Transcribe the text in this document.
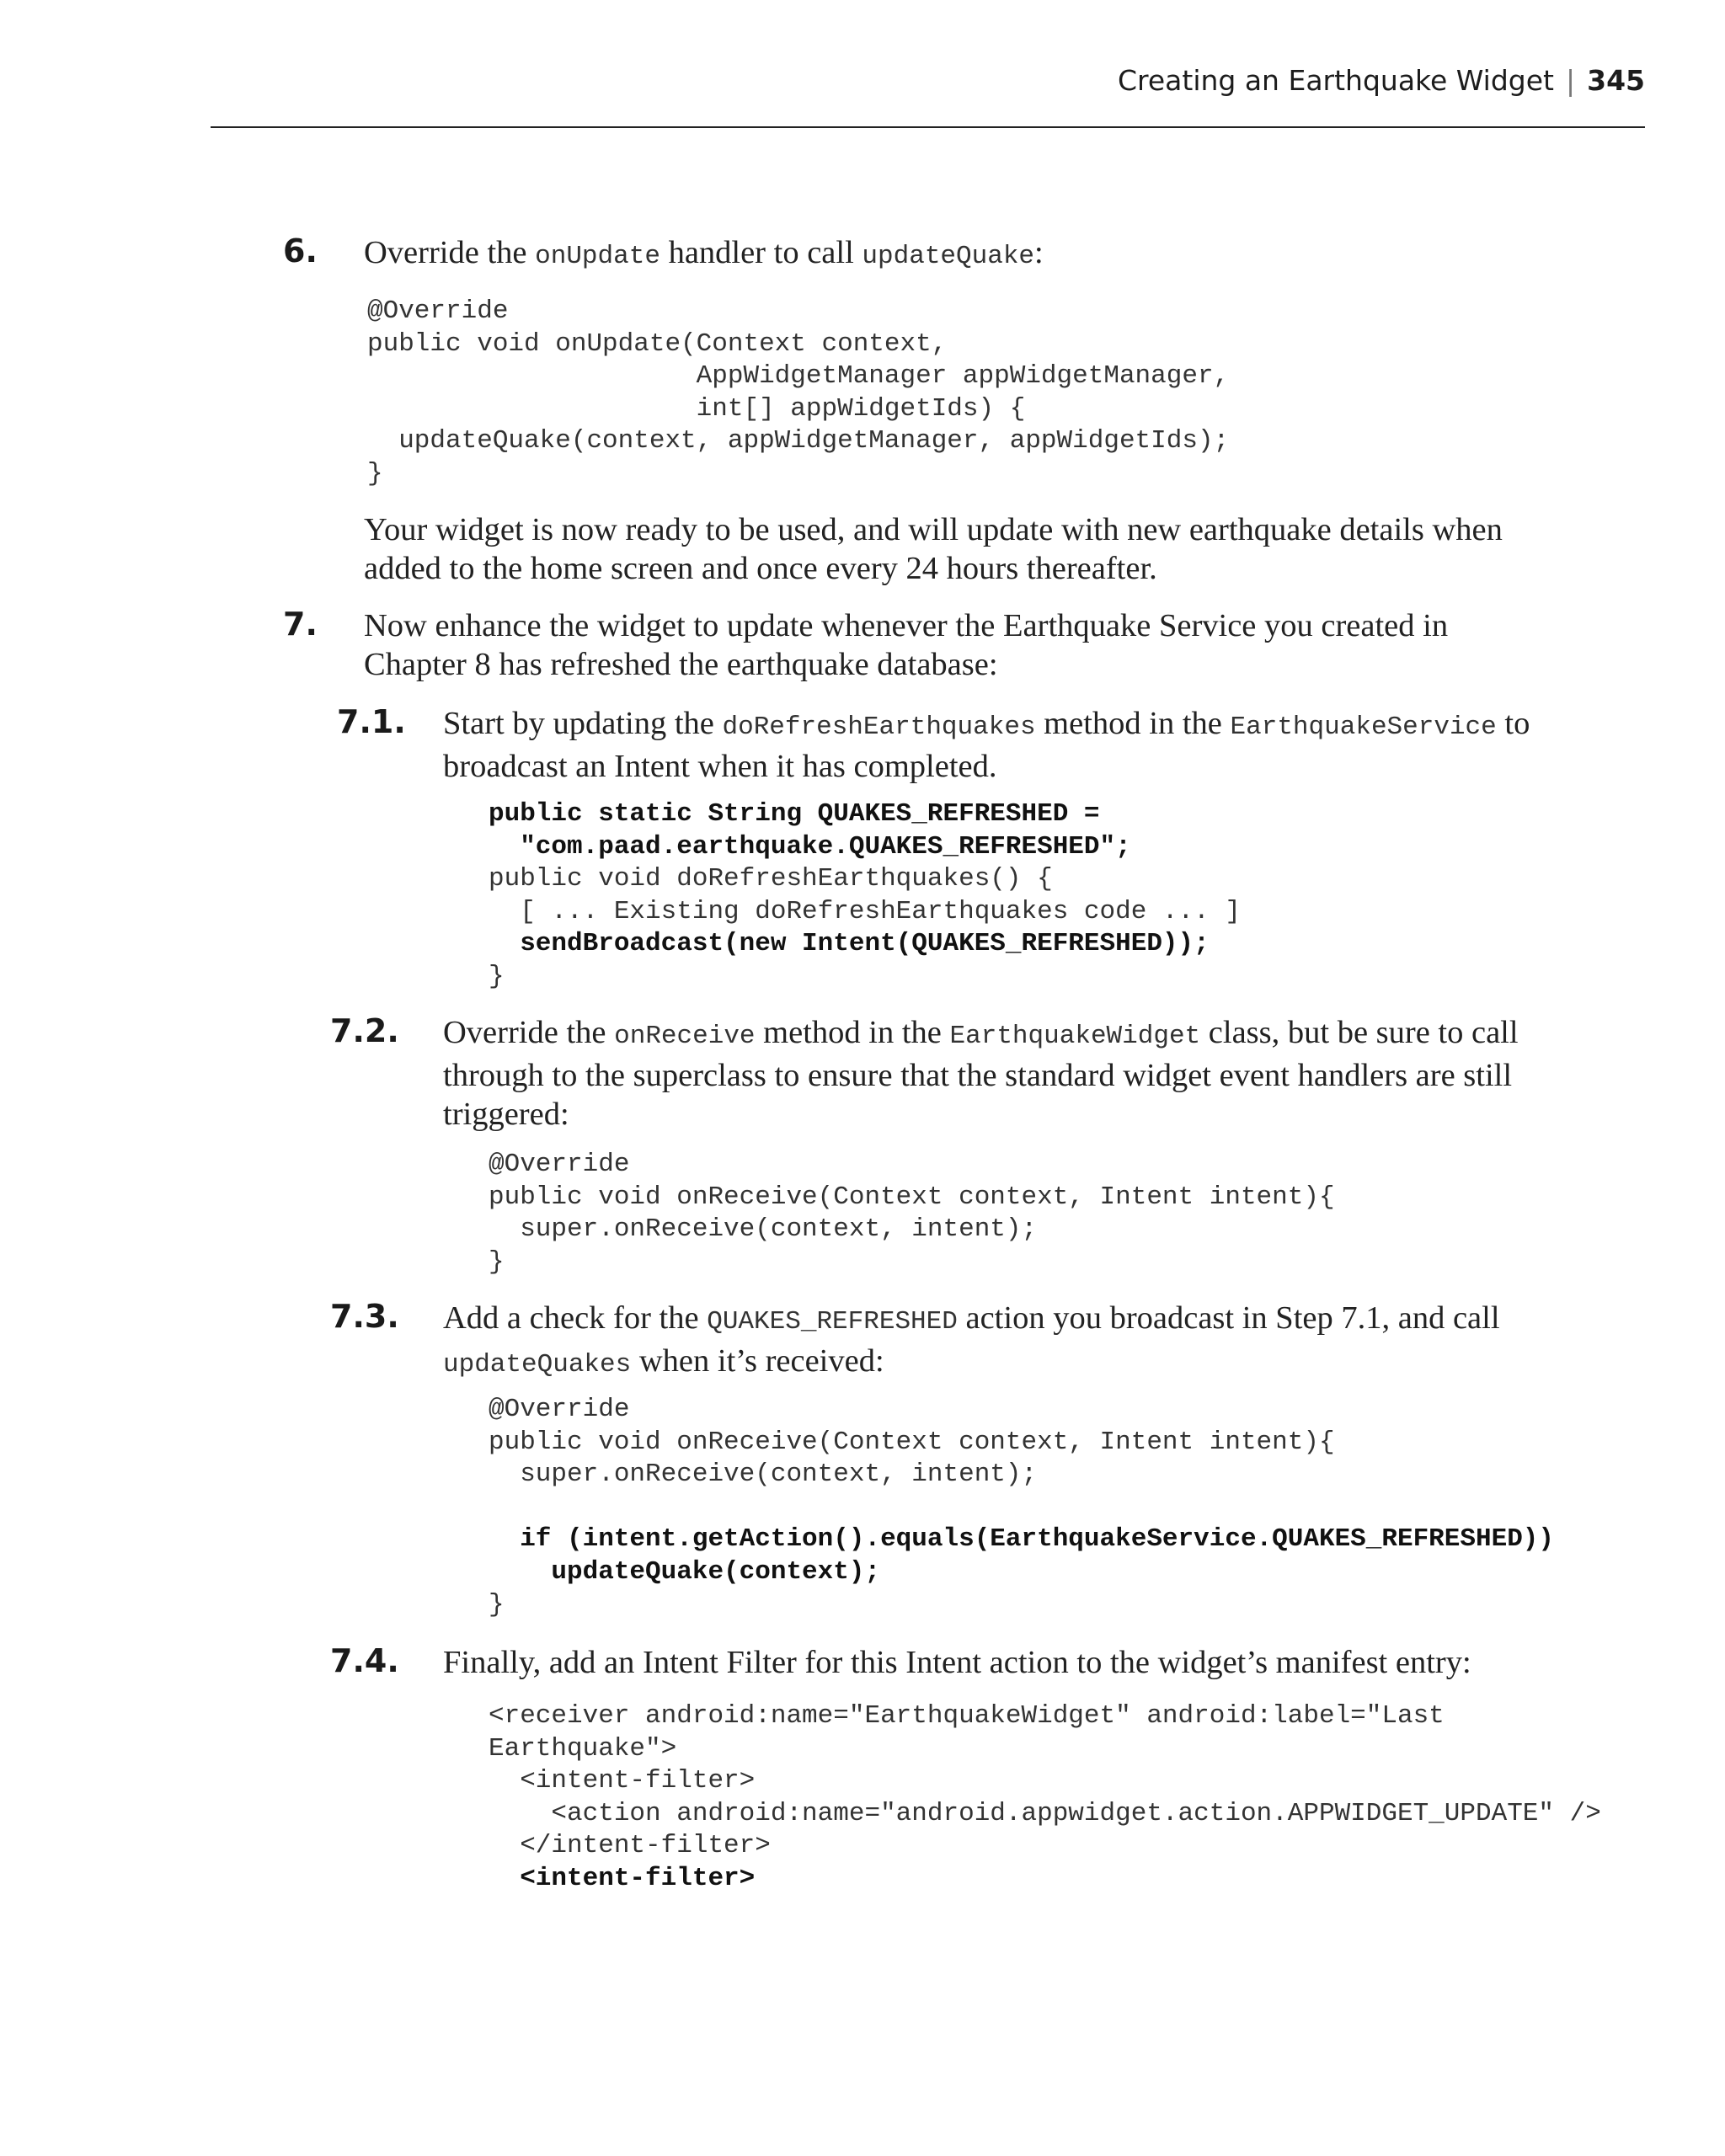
Creating an Earthquake Widget | 345
6. Override the onUpdate handler to call updateQuake:
@Override
public void onUpdate(Context context,
AppWidgetManager appWidgetManager,
int[] appWidgetIds) {
updateQuake(context, appWidgetManager, appWidgetIds);
}
Your widget is now ready to be used, and will update with new earthquake details when
added to the home screen and once every 24 hours thereafter.
7. Now enhance the widget to update whenever the Earthquake Service you created in
Chapter 8 has refreshed the earthquake database:
7.1. Start by updating the doRefreshEarthquakes method in the EarthquakeService to
broadcast an Intent when it has completed.
public static String QUAKES_REFRESHED =
"com.paad.earthquake.QUAKES_REFRESHED";
public void doRefreshEarthquakes() {
[ ... Existing doRefreshEarthquakes code ... ]
sendBroadcast(new Intent(QUAKES_REFRESHED));
}
7.2. Override the onReceive method in the EarthquakeWidget class, but be sure to call
through to the superclass to ensure that the standard widget event handlers are still
triggered:
@Override
public void onReceive(Context context, Intent intent){
super.onReceive(context, intent);
}
7.3. Add a check for the QUAKES_REFRESHED action you broadcast in Step 7.1, and call
updateQuakes when it’s received:
@Override
public void onReceive(Context context, Intent intent){
super.onReceive(context, intent);

if (intent.getAction().equals(EarthquakeService.QUAKES_REFRESHED))
updateQuake(context);
}
7.4. Finally, add an Intent Filter for this Intent action to the widget’s manifest entry:
<receiver android:name="EarthquakeWidget" android:label="Last
Earthquake">
<intent-filter>
<action android:name="android.appwidget.action.APPWIDGET_UPDATE" />
</intent-filter>
<intent-filter>
